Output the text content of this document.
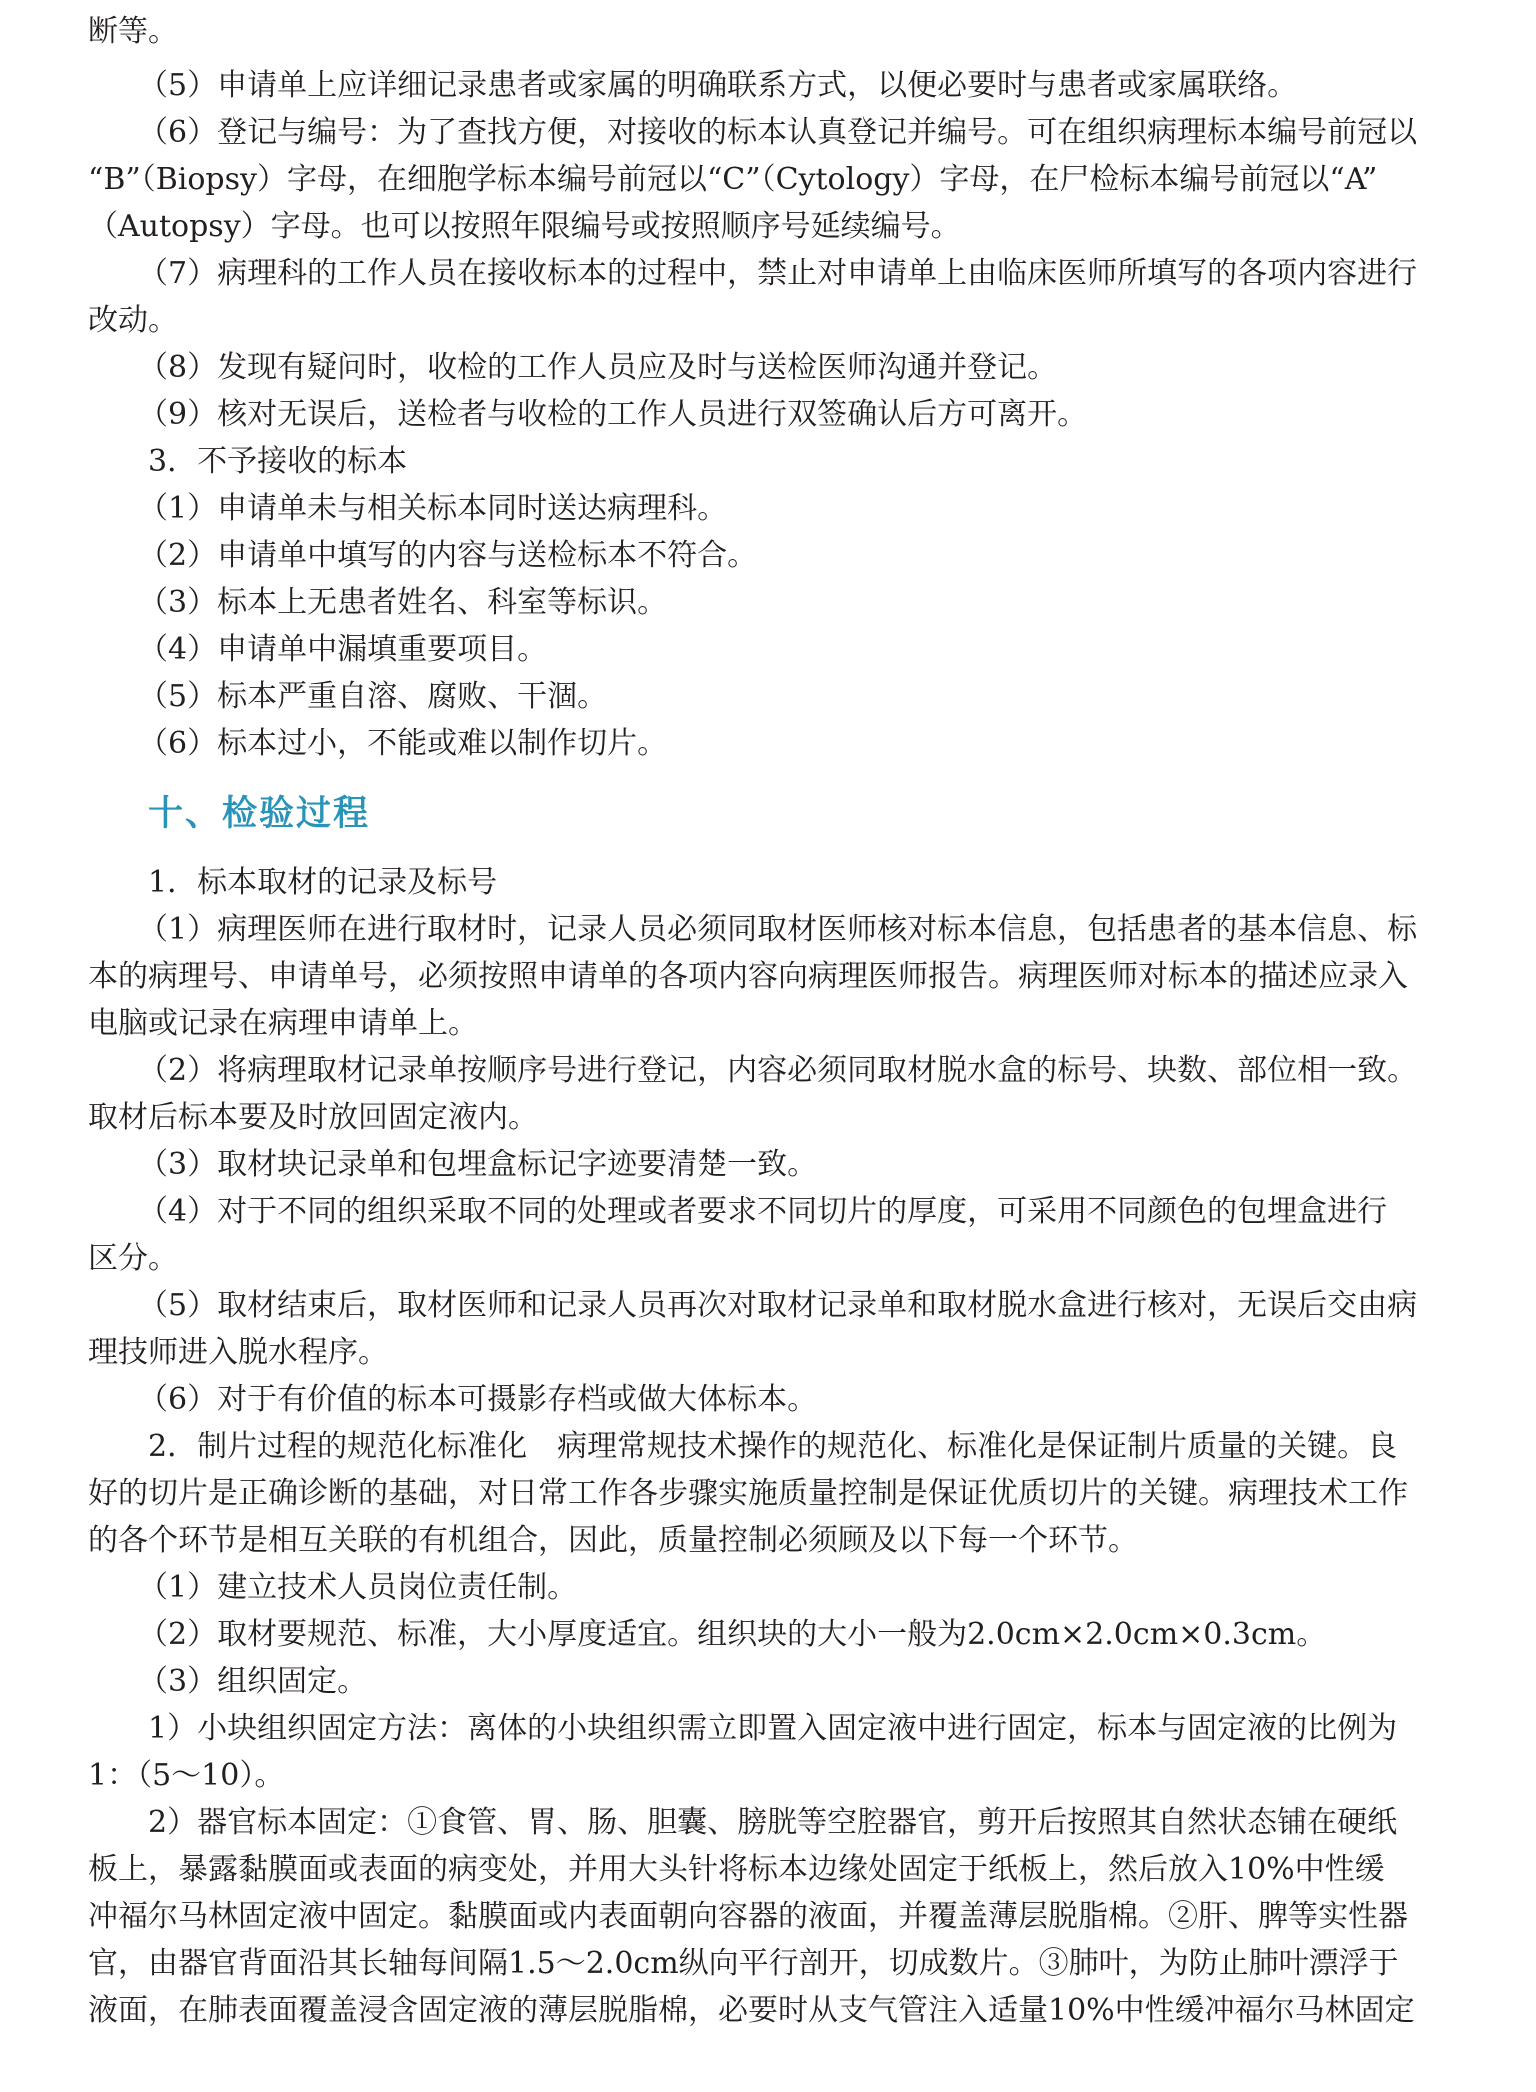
断等。
（5）申请单上应详细记录患者或家属的明确联系方式，以便必要时与患者或家属联络。
（6）登记与编号：为了查找方便，对接收的标本认真登记并编号。可在组织病理标本编号前冠以
“B”（Biopsy）字母，在细胞学标本编号前冠以“C”（Cytology）字母，在尸检标本编号前冠以“A”
（Autopsy）字母。也可以按照年限编号或按照顺序号延续编号。
（7）病理科的工作人员在接收标本的过程中，禁止对申请单上由临床医师所填写的各项内容进行
改动。
（8）发现有疑问时，收检的工作人员应及时与送检医师沟通并登记。
（9）核对无误后，送检者与收检的工作人员进行双签确认后方可离开。
3．不予接收的标本
（1）申请单未与相关标本同时送达病理科。
（2）申请单中填写的内容与送检标本不符合。
（3）标本上无患者姓名、科室等标识。
（4）申请单中漏填重要项目。
（5）标本严重自溶、腐败、干涸。
（6）标本过小，不能或难以制作切片。
十、检验过程
1．标本取材的记录及标号
（1）病理医师在进行取材时，记录人员必须同取材医师核对标本信息，包括患者的基本信息、标
本的病理号、申请单号，必须按照申请单的各项内容向病理医师报告。病理医师对标本的描述应录入
电脑或记录在病理申请单上。
（2）将病理取材记录单按顺序号进行登记，内容必须同取材脱水盒的标号、块数、部位相一致。
取材后标本要及时放回固定液内。
（3）取材块记录单和包埋盒标记字迹要清楚一致。
（4）对于不同的组织采取不同的处理或者要求不同切片的厚度，可采用不同颜色的包埋盒进行
区分。
（5）取材结束后，取材医师和记录人员再次对取材记录单和取材脱水盒进行核对，无误后交由病
理技师进入脱水程序。
（6）对于有价值的标本可摄影存档或做大体标本。
2．制片过程的规范化标准化　病理常规技术操作的规范化、标准化是保证制片质量的关键。良
好的切片是正确诊断的基础，对日常工作各步骤实施质量控制是保证优质切片的关键。病理技术工作
的各个环节是相互关联的有机组合，因此，质量控制必须顾及以下每一个环节。
（1）建立技术人员岗位责任制。
（2）取材要规范、标准，大小厚度适宜。组织块的大小一般为2.0cm×2.0cm×0.3cm。
（3）组织固定。
1）小块组织固定方法：离体的小块组织需立即置入固定液中进行固定，标本与固定液的比例为
1：（5～10）。
2）器官标本固定：①食管、胃、肠、胆囊、膀胱等空腔器官，剪开后按照其自然状态铺在硬纸
板上，暴露黏膜面或表面的病变处，并用大头针将标本边缘处固定于纸板上，然后放入10%中性缓
冲福尔马林固定液中固定。黏膜面或内表面朝向容器的液面，并覆盖薄层脱脂棉。②肝、脾等实性器
官，由器官背面沿其长轴每间隔1.5～2.0cm纵向平行剖开，切成数片。③肺叶，为防止肺叶漂浮于
液面，在肺表面覆盖浸含固定液的薄层脱脂棉，必要时从支气管注入适量10%中性缓冲福尔马林固定
